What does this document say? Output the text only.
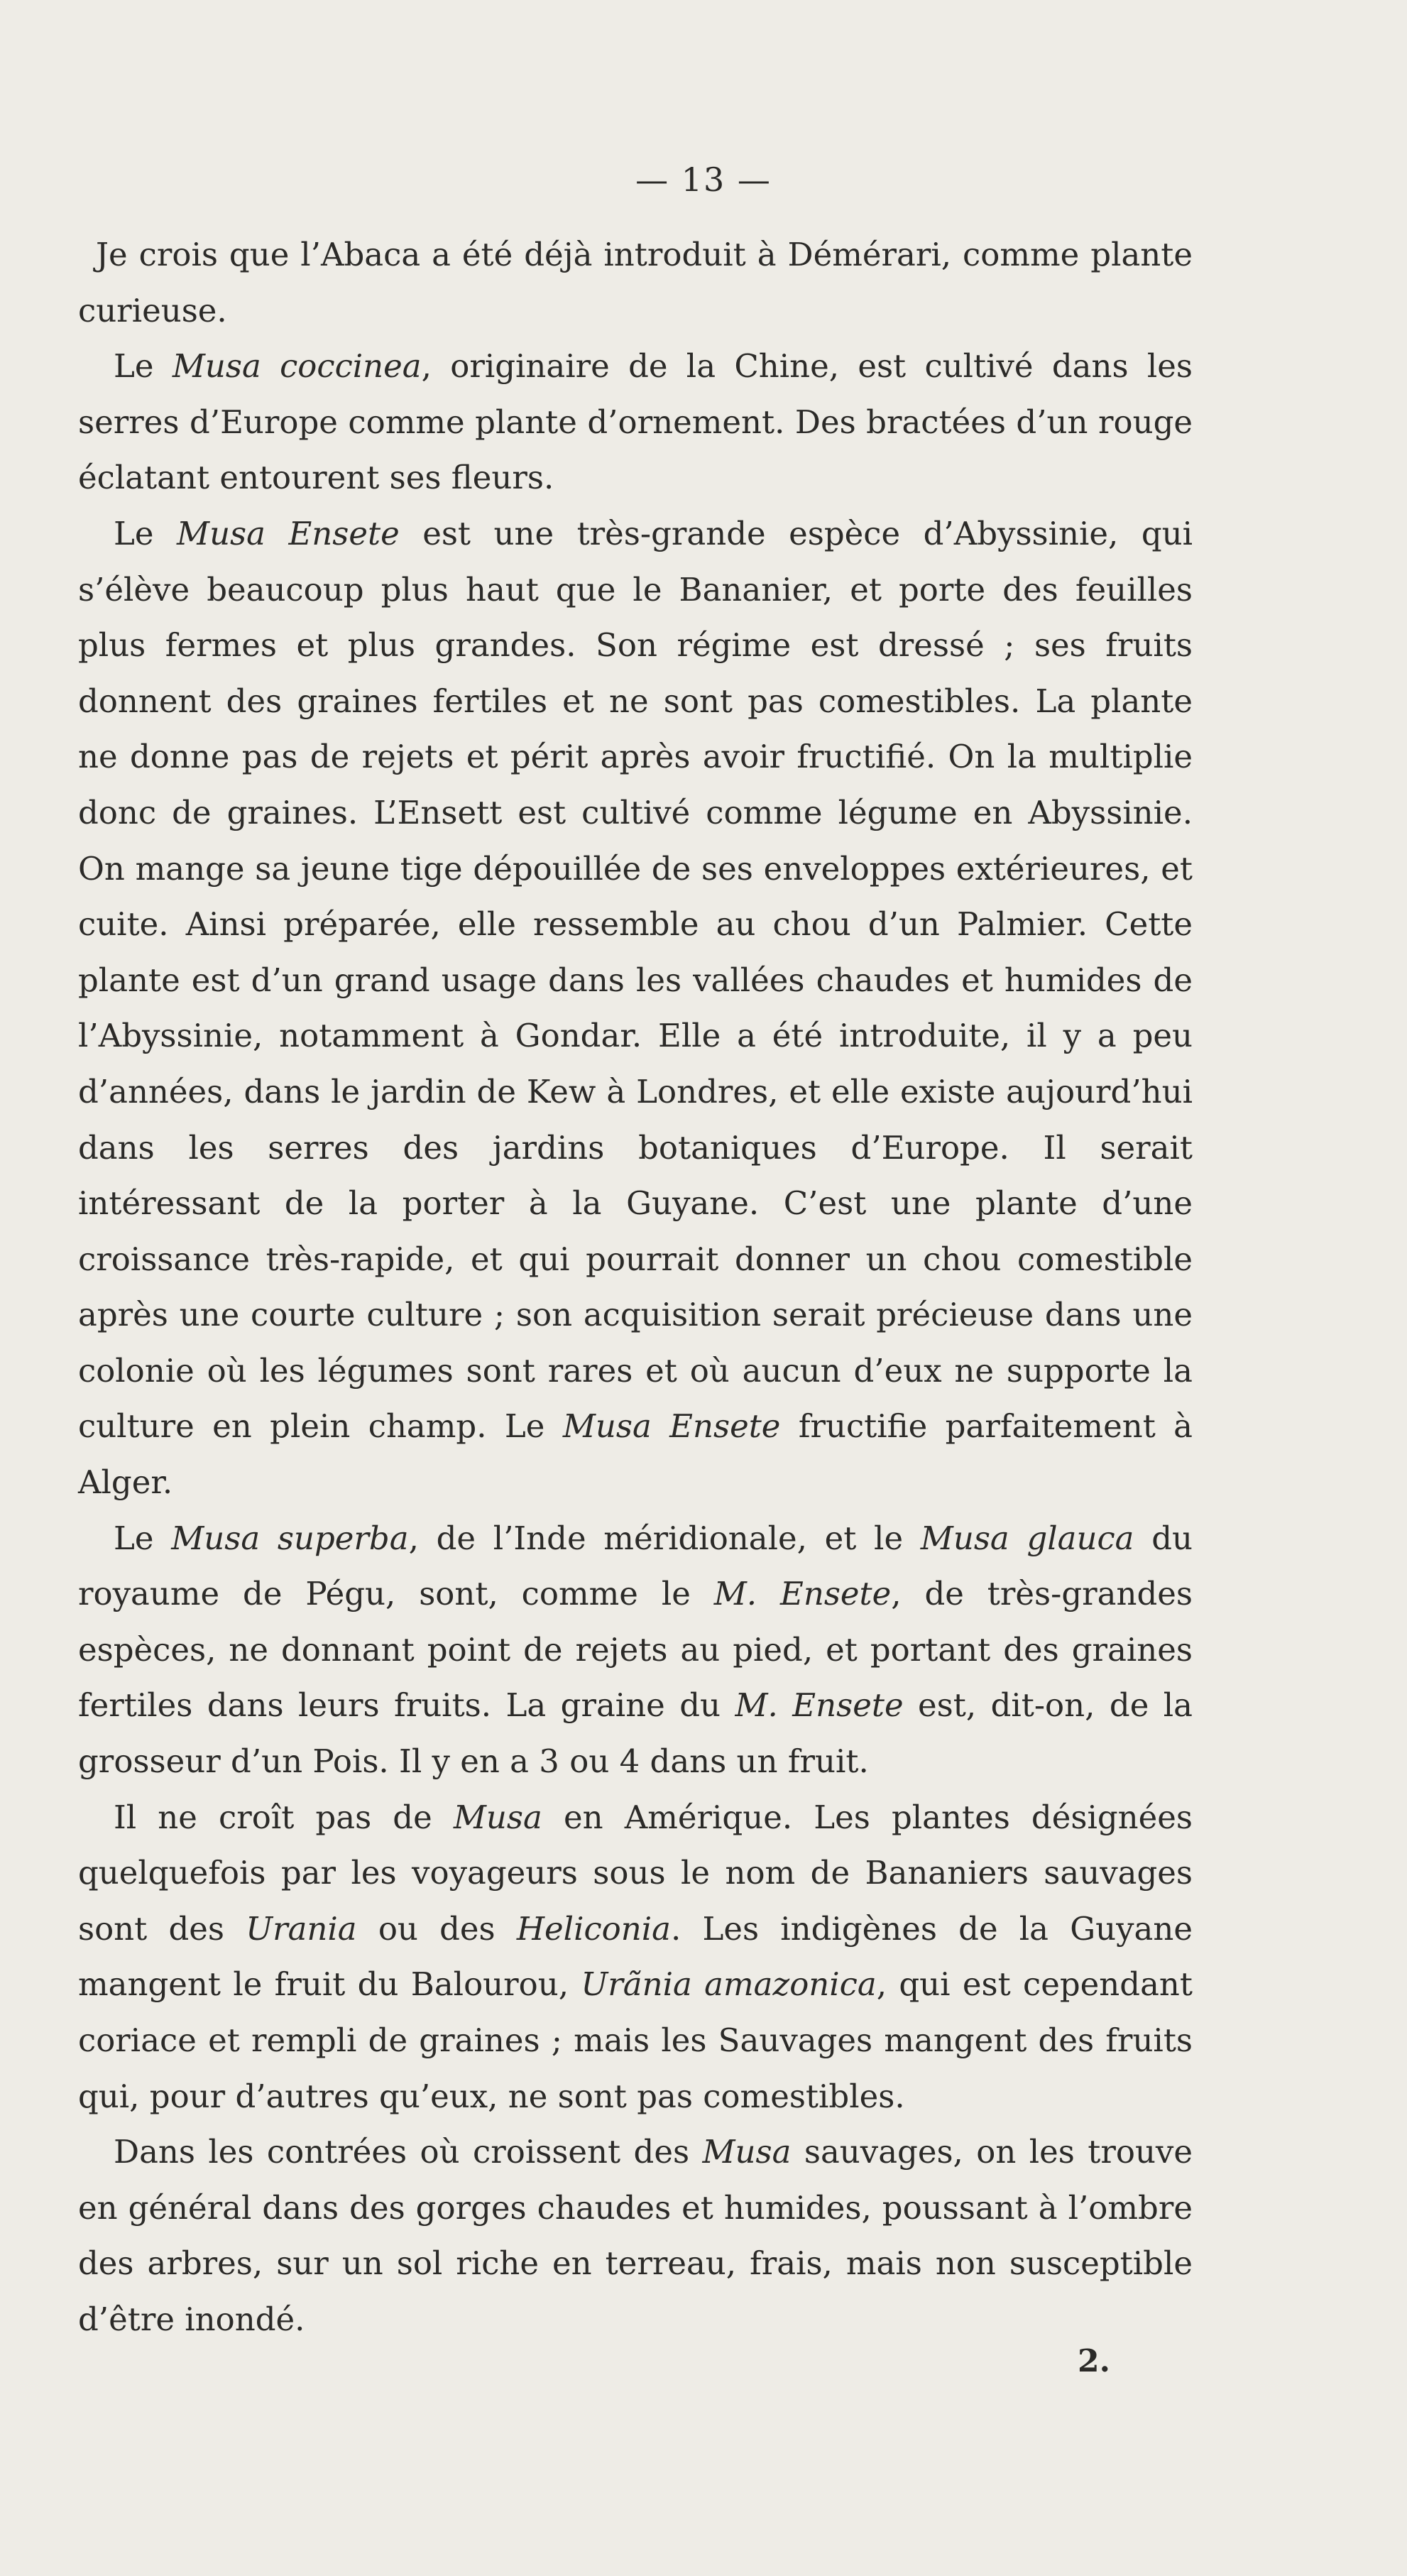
— 13 —

Je crois que l’Abaca a été déjà introduit à Démérari, comme plante curieuse.

Le Musa coccinea, originaire de la Chine, est cultivé dans les serres d’Europe comme plante d’ornement. Des bractées d’un rouge éclatant entourent ses fleurs.

Le Musa Ensete est une très-grande espèce d’Abyssinie, qui s’élève beaucoup plus haut que le Bananier, et porte des feuilles plus fermes et plus grandes. Son régime est dressé ; ses fruits donnent des graines fertiles et ne sont pas comestibles. La plante ne donne pas de rejets et périt après avoir fructifié. On la multiplie donc de graines. L’Ensett est cultivé comme légume en Abyssinie. On mange sa jeune tige dépouillée de ses enveloppes extérieures, et cuite. Ainsi préparée, elle ressemble au chou d’un Palmier. Cette plante est d’un grand usage dans les vallées chaudes et humides de l’Abyssinie, notamment à Gondar. Elle a été introduite, il y a peu d’années, dans le jardin de Kew à Londres, et elle existe aujourd’hui dans les serres des jardins botaniques d’Europe. Il serait intéressant de la porter à la Guyane. C’est une plante d’une croissance très-rapide, et qui pourrait donner un chou comestible après une courte culture ; son acquisition serait précieuse dans une colonie où les légumes sont rares et où aucun d’eux ne supporte la culture en plein champ. Le Musa Ensete fructifie parfaitement à Alger.

Le Musa superba, de l’Inde méridionale, et le Musa glauca du royaume de Pégu, sont, comme le M. Ensete, de très-grandes espèces, ne donnant point de rejets au pied, et portant des graines fertiles dans leurs fruits. La graine du M. Ensete est, dit-on, de la grosseur d’un Pois. Il y en a 3 ou 4 dans un fruit.

Il ne croît pas de Musa en Amérique. Les plantes désignées quelquefois par les voyageurs sous le nom de Bananiers sauvages sont des Urania ou des Heliconia. Les indigènes de la Guyane mangent le fruit du Balourou, Urãnia amazonica, qui est cependant coriace et rempli de graines ; mais les Sauvages mangent des fruits qui, pour d’autres qu’eux, ne sont pas comestibles.

Dans les contrées où croissent des Musa sauvages, on les trouve en général dans des gorges chaudes et humides, poussant à l’ombre des arbres, sur un sol riche en terreau, frais, mais non susceptible d’être inondé.

2.
